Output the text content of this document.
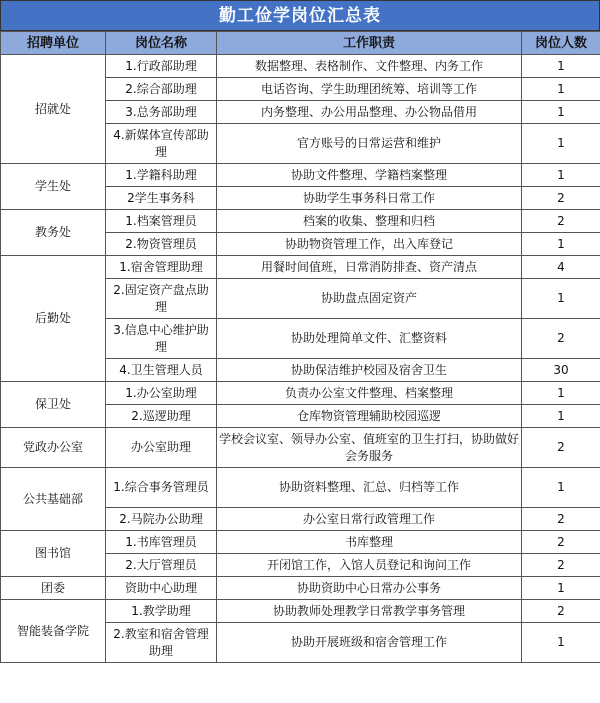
勤工俭学岗位汇总表
招聘单位	岗位名称	工作职责	岗位人数
招就处	1.行政部助理	数据整理、表格制作、文件整理、内务工作	1
	2.综合部助理	电话咨询、学生助理团统筹、培训等工作	1
	3.总务部助理	内务整理、办公用品整理、办公物品借用	1
	4.新媒体宣传部助理	官方账号的日常运营和维护	1
学生处	1.学籍科助理	协助文件整理、学籍档案整理	1
	2学生事务科	协助学生事务科日常工作	2
教务处	1.档案管理员	档案的收集、整理和归档	2
	2.物资管理员	协助物资管理工作，出入库登记	1
后勤处	1.宿舍管理助理	用餐时间值班，日常消防排查、资产清点	4
	2.固定资产盘点助理	协助盘点固定资产	1
	3.信息中心维护助理	协助处理简单文件、汇整资料	2
	4.卫生管理人员	协助保洁维护校园及宿舍卫生	30
保卫处	1.办公室助理	负责办公室文件整理、档案整理	1
	2.巡逻助理	仓库物资管理辅助校园巡逻	1
党政办公室	办公室助理	学校会议室、领导办公室、值班室的卫生打扫，协助做好会务服务	2
公共基础部	1.综合事务管理员	协助资料整理、汇总、归档等工作	1
	2.马院办公助理	办公室日常行政管理工作	2
图书馆	1.书库管理员	书库整理	2
	2.大厅管理员	开闭馆工作，入馆人员登记和询问工作	2
团委	资助中心助理	协助资助中心日常办公事务	1
智能装备学院	1.教学助理	协助教师处理教学日常教学事务管理	2
	2.教室和宿舍管理助理	协助开展班级和宿舍管理工作	1
